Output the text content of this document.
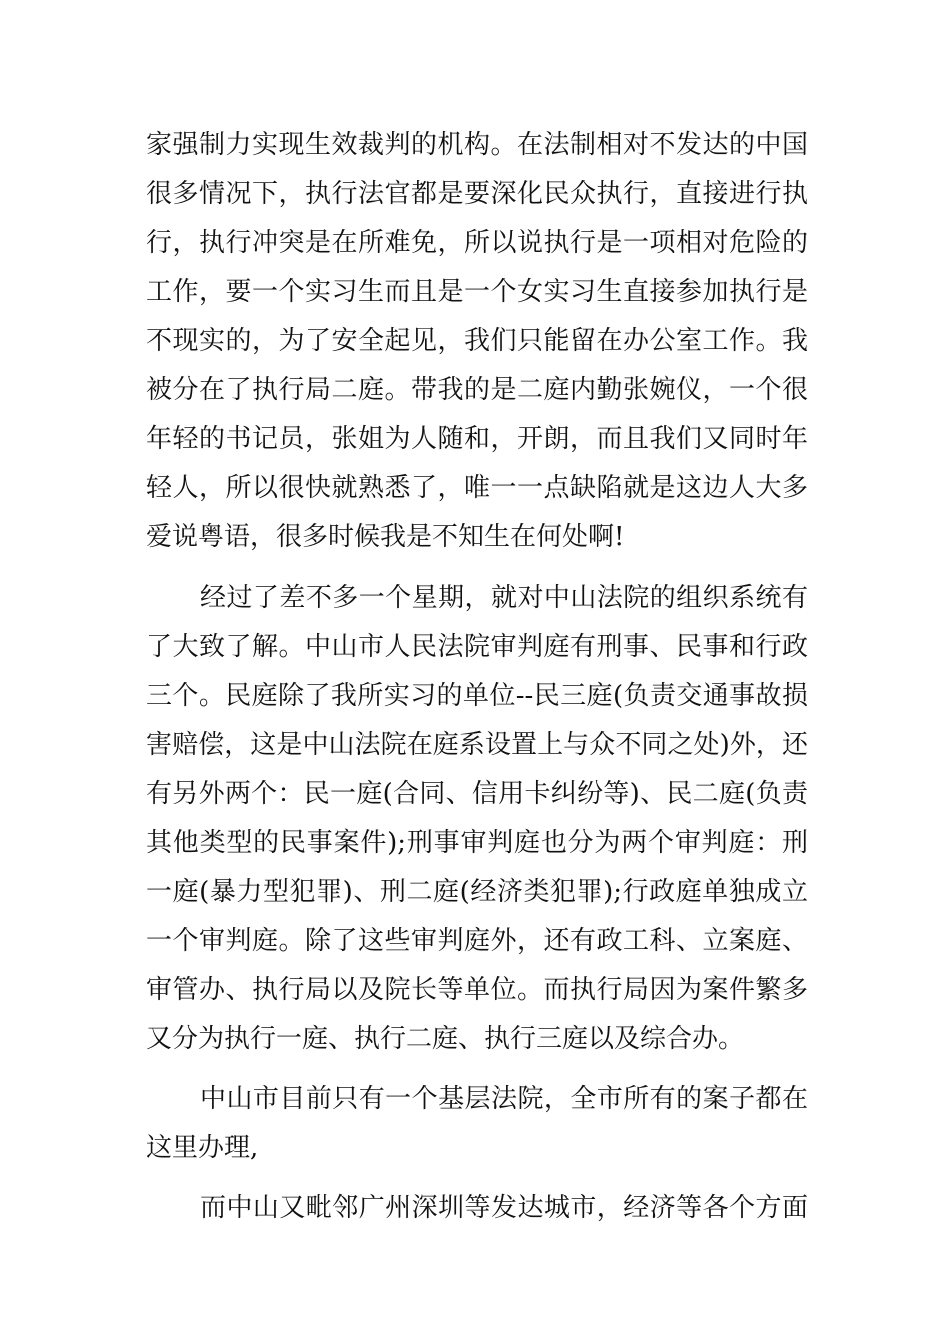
家强制力实现生效裁判的机构。在法制相对不发达的中国
很多情况下，执行法官都是要深化民众执行，直接进行执
行，执行冲突是在所难免，所以说执行是一项相对危险的
工作，要一个实习生而且是一个女实习生直接参加执行是
不现实的，为了安全起见，我们只能留在办公室工作。我
被分在了执行局二庭。带我的是二庭内勤张婉仪，一个很
年轻的书记员，张姐为人随和，开朗，而且我们又同时年
轻人，所以很快就熟悉了，唯一一点缺陷就是这边人大多
爱说粤语，很多时候我是不知生在何处啊!
经过了差不多一个星期，就对中山法院的组织系统有
了大致了解。中山市人民法院审判庭有刑事、民事和行政
三个。民庭除了我所实习的单位--民三庭(负责交通事故损
害赔偿，这是中山法院在庭系设置上与众不同之处)外，还
有另外两个：民一庭(合同、信用卡纠纷等)、民二庭(负责
其他类型的民事案件);刑事审判庭也分为两个审判庭：刑
一庭(暴力型犯罪)、刑二庭(经济类犯罪);行政庭单独成立
一个审判庭。除了这些审判庭外，还有政工科、立案庭、
审管办、执行局以及院长等单位。而执行局因为案件繁多
又分为执行一庭、执行二庭、执行三庭以及综合办。
中山市目前只有一个基层法院，全市所有的案子都在
这里办理,
而中山又毗邻广州深圳等发达城市，经济等各个方面
